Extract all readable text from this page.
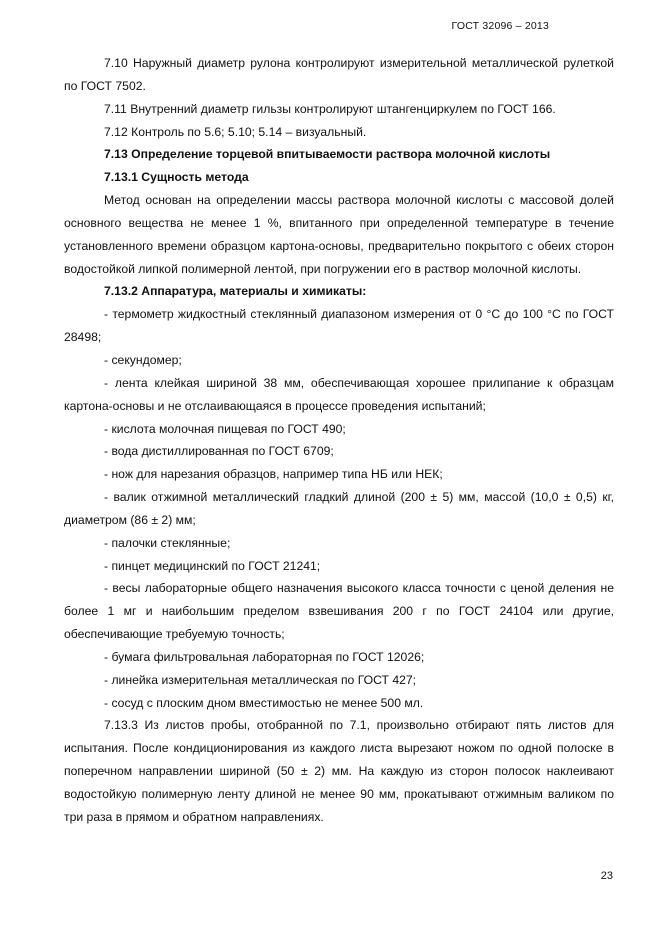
ГОСТ 32096 – 2013

7.10 Наружный диаметр рулона контролируют измерительной металлической рулеткой по ГОСТ 7502.

7.11 Внутренний диаметр гильзы контролируют штангенциркулем по ГОСТ 166.

7.12 Контроль по 5.6; 5.10; 5.14 – визуальный.

7.13 Определение торцевой впитываемости раствора молочной кислоты

7.13.1 Сущность метода

Метод основан на определении массы раствора молочной кислоты с массовой долей основного вещества не менее 1 %, впитанного при определенной температуре в течение установленного времени образцом картона-основы, предварительно покрытого с обеих сторон водостойкой липкой полимерной лентой, при погружении его в раствор молочной кислоты.

7.13.2 Аппаратура, материалы и химикаты:

- термометр жидкостный стеклянный диапазоном измерения от 0 °С до 100 °С по ГОСТ 28498;

- секундомер;

- лента клейкая шириной 38 мм, обеспечивающая хорошее прилипание к образцам картона-основы и не отслаивающаяся в процессе проведения испытаний;

- кислота молочная пищевая по ГОСТ 490;

- вода дистиллированная по ГОСТ 6709;

- нож для нарезания образцов, например типа НБ или НЕК;

- валик отжимной металлический гладкий длиной (200 ± 5) мм, массой (10,0 ± 0,5) кг, диаметром (86 ± 2) мм;

- палочки стеклянные;

- пинцет медицинский по ГОСТ 21241;

- весы лабораторные общего назначения высокого класса точности с ценой деления не более 1 мг и наибольшим пределом взвешивания 200 г по ГОСТ 24104 или другие, обеспечивающие требуемую точность;

- бумага фильтровальная лабораторная по ГОСТ 12026;

- линейка измерительная металлическая по ГОСТ 427;

- сосуд с плоским дном вместимостью не менее 500 мл.

7.13.3 Из листов пробы, отобранной по 7.1, произвольно отбирают пять листов для испытания. После кондиционирования из каждого листа вырезают ножом по одной полоске в поперечном направлении шириной (50 ± 2) мм. На каждую из сторон полосок наклеивают водостойкую полимерную ленту длиной не менее 90 мм, прокатывают отжимным валиком по три раза в прямом и обратном направлениях.

23
